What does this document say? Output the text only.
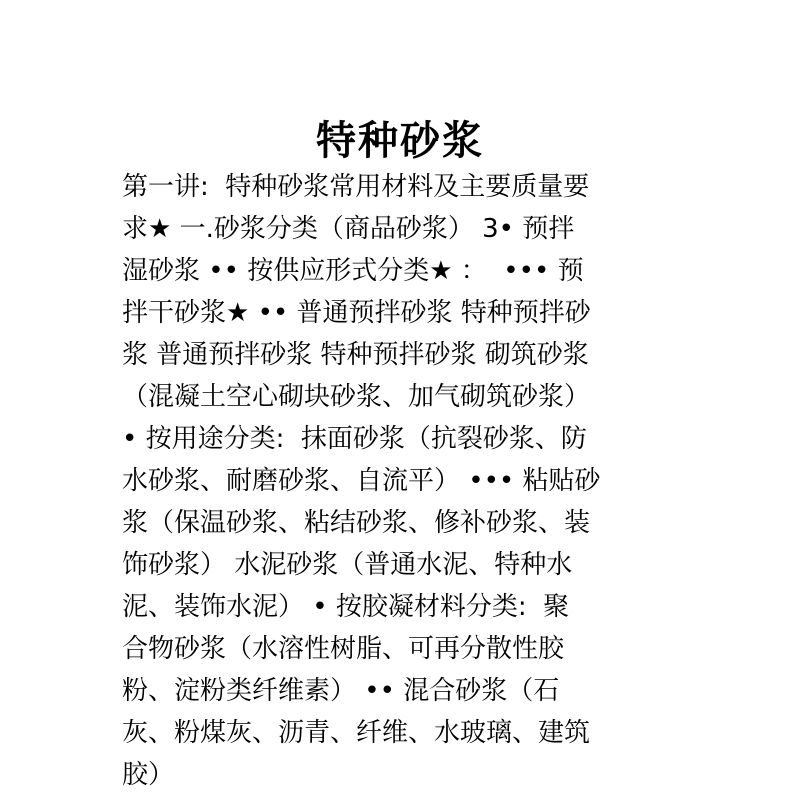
特种砂浆
第一讲:  特种砂浆常用材料及主要质量要
求★ 一.砂浆分类（商品砂浆） 3• 预拌
湿砂浆 •• 按供应形式分类★ ：  ••• 预
拌干砂浆★ •• 普通预拌砂浆 特种预拌砂
浆 普通预拌砂浆 特种预拌砂浆 砌筑砂浆
（混凝土空心砌块砂浆、加气砌筑砂浆）
• 按用途分类:  抹面砂浆（抗裂砂浆、防
水砂浆、耐磨砂浆、自流平） ••• 粘贴砂
浆（保温砂浆、粘结砂浆、修补砂浆、装
饰砂浆） 水泥砂浆（普通水泥、特种水
泥、装饰水泥） • 按胶凝材料分类:  聚
合物砂浆（水溶性树脂、可再分散性胶
粉、淀粉类纤维素） •• 混合砂浆（石
灰、粉煤灰、沥青、纤维、水玻璃、建筑
胶）
